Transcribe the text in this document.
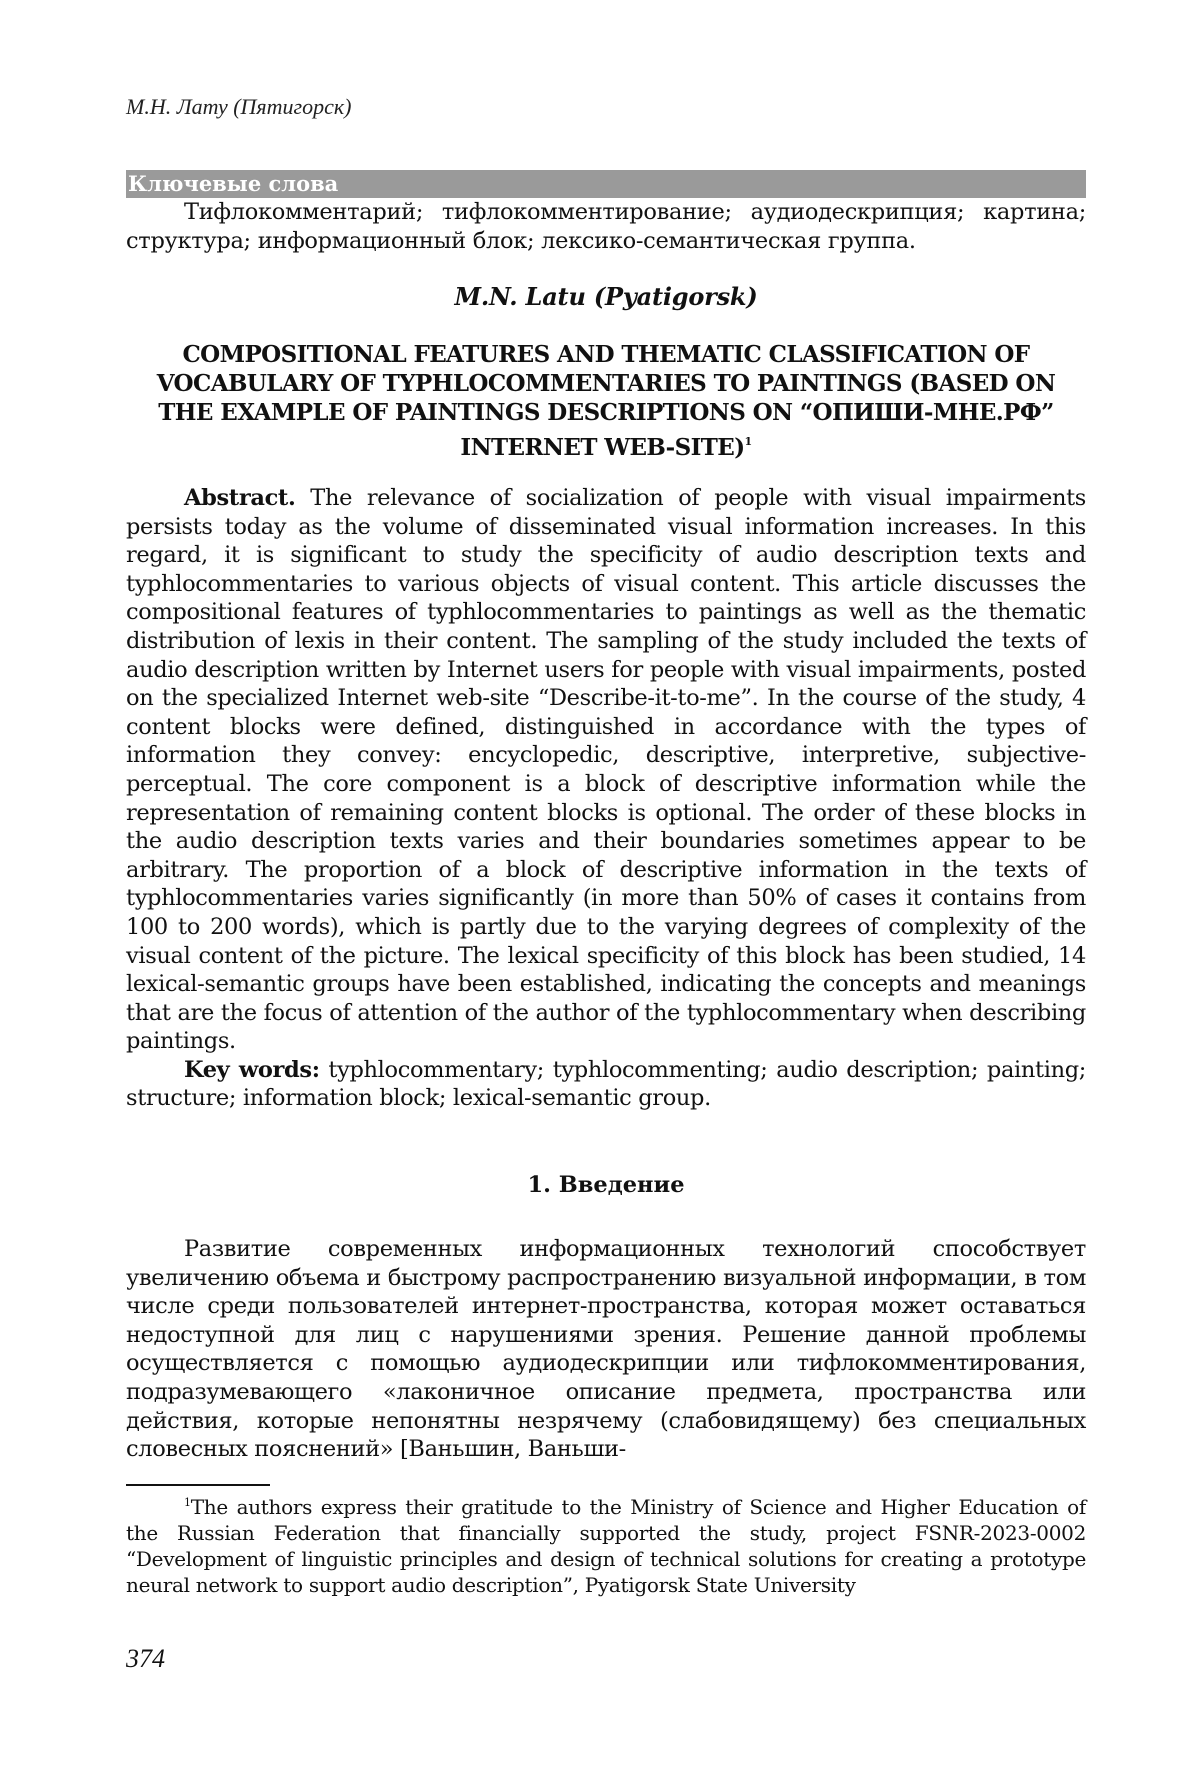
М.Н. Лату (Пятигорск)
Ключевые слова
Тифлокомментарий; тифлокомментирование; аудиодескрипция; картина; структура; информационный блок; лексико-семантическая группа.
M.N. Latu (Pyatigorsk)
COMPOSITIONAL FEATURES AND THEMATIC CLASSIFICATION OF VOCABULARY OF TYPHLOCOMMENTARIES TO PAINTINGS (BASED ON THE EXAMPLE OF PAINTINGS DESCRIPTIONS ON “ОПИШИ-МНЕ.РФ” INTERNET WEB-SITE)$^1$

Abstract. The relevance of socialization of people with visual impairments persists today as the volume of disseminated visual information increases. In this regard, it is significant to study the specificity of audio description texts and typhlocommentaries to various objects of visual content. This article discusses the compositional features of typhlocommentaries to paintings as well as the thematic distribution of lexis in their content. The sampling of the study included the texts of audio description written by Internet users for people with visual impairments, posted on the specialized Internet web-site “Describe-it-to-me”. In the course of the study, 4 content blocks were defined, distinguished in accordance with the types of information they convey: encyclopedic, descriptive, interpretive, subjective-perceptual. The core component is a block of descriptive information while the representation of remaining content blocks is optional. The order of these blocks in the audio description texts varies and their boundaries sometimes appear to be arbitrary. The proportion of a block of descriptive information in the texts of typhlocommentaries varies significantly (in more than 50% of cases it contains from 100 to 200 words), which is partly due to the varying degrees of complexity of the visual content of the picture. The lexical specificity of this block has been studied, 14 lexical-semantic groups have been established, indicating the concepts and meanings that are the focus of attention of the author of the typhlocommentary when describing paintings.

Key words: typhlocommentary; typhlocommenting; audio description; painting; structure; information block; lexical-semantic group.

1. Введение
Развитие современных информационных технологий способствует увеличению объема и быстрому распространению визуальной информации, в том числе среди пользователей интернет-пространства, которая может оставаться недоступной для лиц с нарушениями зрения. Решение данной проблемы осуществляется с помощью аудиодескрипции или тифлокомментирования, подразумевающего «лаконичное описание предмета, пространства или действия, которые непонятны незрячему (слабовидящему) без специальных словесных пояснений» [Ваньшин, Ваньши-
$^1$The authors express their gratitude to the Ministry of Science and Higher Education of the Russian Federation that financially supported the study, project FSNR-2023-0002 “Development of linguistic principles and design of technical solutions for creating a prototype neural network to support audio description”, Pyatigorsk State University
374
